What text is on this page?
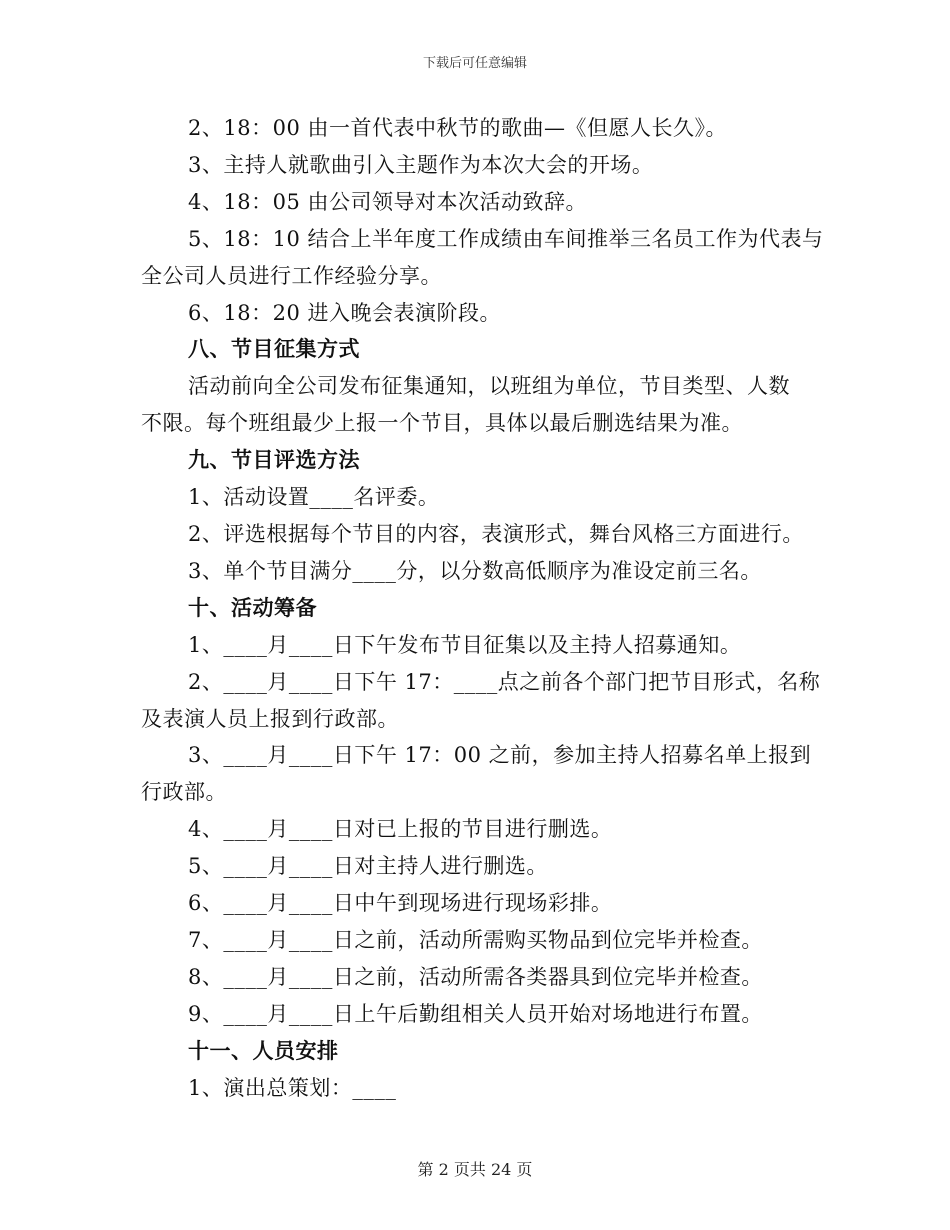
下载后可任意编辑
2、18：00 由一首代表中秋节的歌曲—《但愿人长久》。
3、主持人就歌曲引入主题作为本次大会的开场。
4、18：05 由公司领导对本次活动致辞。
5、18：10 结合上半年度工作成绩由车间推举三名员工作为代表与
全公司人员进行工作经验分享。
6、18：20 进入晚会表演阶段。
八、节目征集方式
活动前向全公司发布征集通知，以班组为单位，节目类型、人数
不限。每个班组最少上报一个节目，具体以最后删选结果为准。
九、节目评选方法
1、活动设置____名评委。
2、评选根据每个节目的内容，表演形式，舞台风格三方面进行。
3、单个节目满分____分，以分数高低顺序为准设定前三名。
十、活动筹备
1、____月____日下午发布节目征集以及主持人招募通知。
2、____月____日下午 17：____点之前各个部门把节目形式，名称
及表演人员上报到行政部。
3、____月____日下午 17：00 之前，参加主持人招募名单上报到
行政部。
4、____月____日对已上报的节目进行删选。
5、____月____日对主持人进行删选。
6、____月____日中午到现场进行现场彩排。
7、____月____日之前，活动所需购买物品到位完毕并检查。
8、____月____日之前，活动所需各类器具到位完毕并检查。
9、____月____日上午后勤组相关人员开始对场地进行布置。
十一、人员安排
1、演出总策划：____
第 2 页共 24 页
